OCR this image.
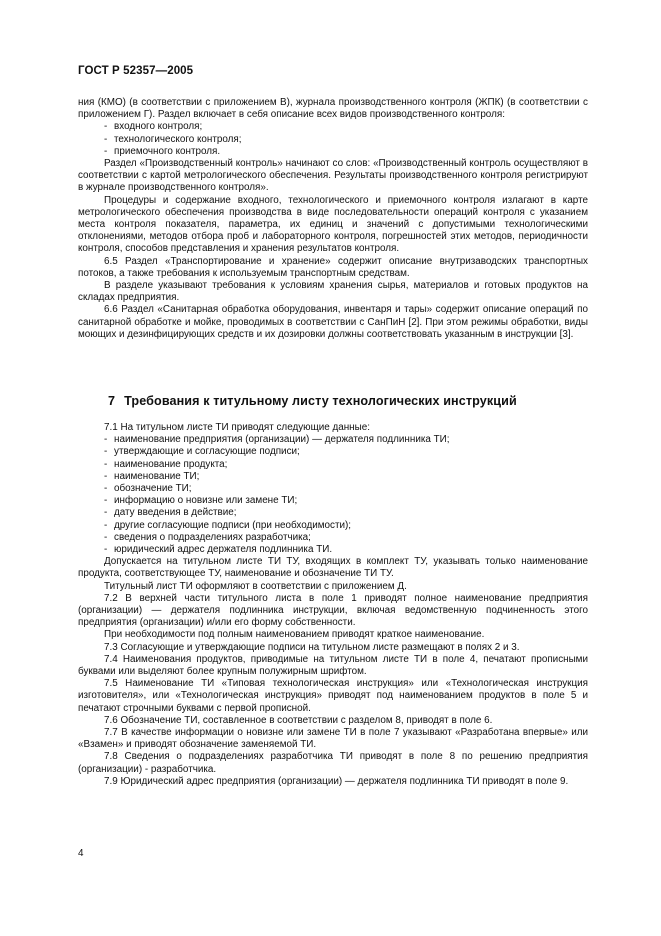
ГОСТ Р 52357—2005

ния (КМО) (в соответствии с приложением В), журнала производственного контроля (ЖПК) (в соответствии с приложением Г). Раздел включает в себя описание всех видов производственного контроля:

- входного контроля;

- технологического контроля;

- приемочного контроля.

Раздел «Производственный контроль» начинают со слов: «Производственный контроль осуществляют в соответствии с картой метрологического обеспечения. Результаты производственного контроля регистрируют в журнале производственного контроля».

Процедуры и содержание входного, технологического и приемочного контроля излагают в карте метрологического обеспечения производства в виде последовательности операций контроля с указанием места контроля показателя, параметра, их единиц и значений с допустимыми технологическими отклонениями, методов отбора проб и лабораторного контроля, погрешностей этих методов, периодичности контроля, способов представления и хранения результатов контроля.

6.5 Раздел «Транспортирование и хранение» содержит описание внутризаводских транспортных потоков, а также требования к используемым транспортным средствам.

В разделе указывают требования к условиям хранения сырья, материалов и готовых продуктов на складах предприятия.

6.6 Раздел «Санитарная обработка оборудования, инвентаря и тары» содержит описание операций по санитарной обработке и мойке, проводимых в соответствии с СанПиН [2]. При этом режимы обработки, виды моющих и дезинфицирующих средств и их дозировки должны соответствовать указанным в инструкции [3].

7 Требования к титульному листу технологических инструкций

7.1 На титульном листе ТИ приводят следующие данные:

- наименование предприятия (организации) — держателя подлинника ТИ;

- утверждающие и согласующие подписи;

- наименование продукта;

- наименование ТИ;

- обозначение ТИ;

- информацию о новизне или замене ТИ;

- дату введения в действие;

- другие согласующие подписи (при необходимости);

- сведения о подразделениях разработчика;

- юридический адрес держателя подлинника ТИ.

Допускается на титульном листе ТИ ТУ, входящих в комплект ТУ, указывать только наименование продукта, соответствующее ТУ, наименование и обозначение ТИ ТУ.

Титульный лист ТИ оформляют в соответствии с приложением Д.

7.2 В верхней части титульного листа в поле 1 приводят полное наименование предприятия (организации) — держателя подлинника инструкции, включая ведомственную подчиненность этого предприятия (организации) и/или его форму собственности.

При необходимости под полным наименованием приводят краткое наименование.

7.3 Согласующие и утверждающие подписи на титульном листе размещают в полях 2 и 3.

7.4 Наименования продуктов, приводимые на титульном листе ТИ в поле 4, печатают прописными буквами или выделяют более крупным полужирным шрифтом.

7.5 Наименование ТИ «Типовая технологическая инструкция» или «Технологическая инструкция изготовителя», или «Технологическая инструкция» приводят под наименованием продуктов в поле 5 и печатают строчными буквами с первой прописной.

7.6 Обозначение ТИ, составленное в соответствии с разделом 8, приводят в поле 6.

7.7 В качестве информации о новизне или замене ТИ в поле 7 указывают «Разработана впервые» или «Взамен» и приводят обозначение заменяемой ТИ.

7.8 Сведения о подразделениях разработчика ТИ приводят в поле 8 по решению предприятия (организации) - разработчика.

7.9 Юридический адрес предприятия (организации) — держателя подлинника ТИ приводят в поле 9.

4
